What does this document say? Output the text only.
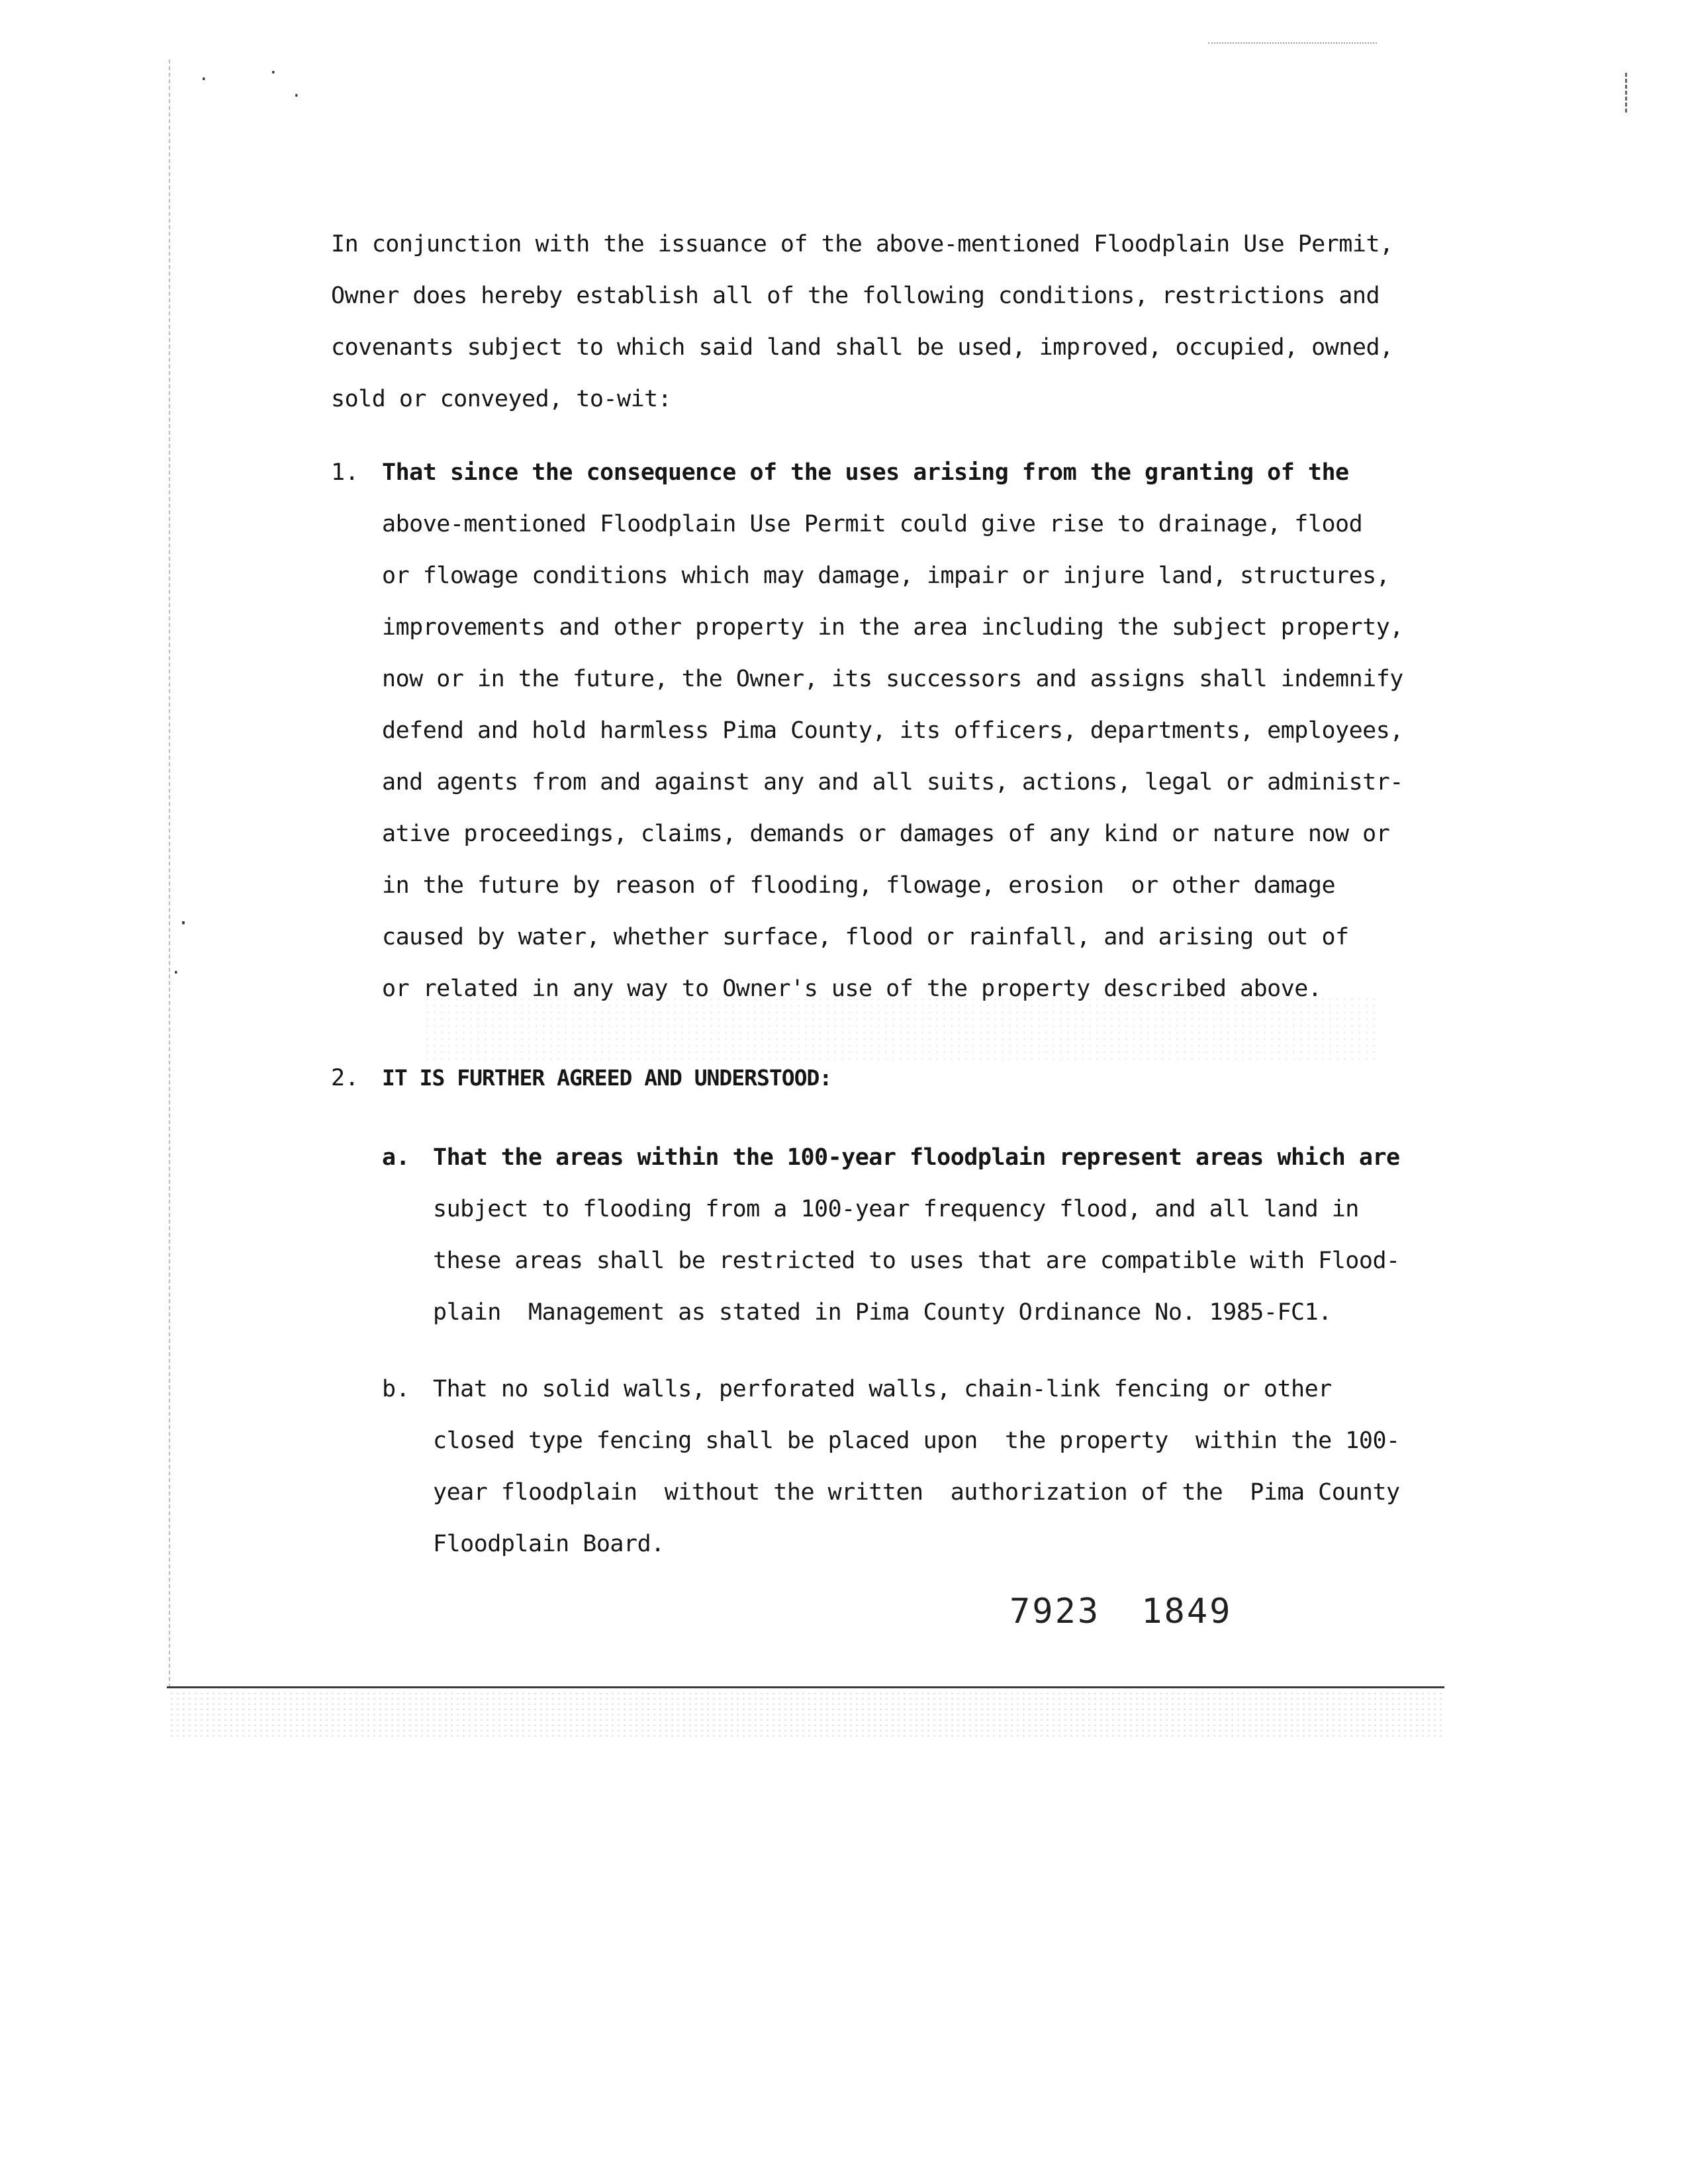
·	·
·
·
·
In conjunction with the issuance of the above-mentioned Floodplain Use Permit,
Owner does hereby establish all of the following conditions, restrictions and
covenants subject to which said land shall be used, improved, occupied, owned,
sold or conveyed, to-wit:
1. That since the consequence of the uses arising from the granting of the
above-mentioned Floodplain Use Permit could give rise to drainage, flood
or flowage conditions which may damage, impair or injure land, structures,
improvements and other property in the area including the subject property,
now or in the future, the Owner, its successors and assigns shall indemnify
defend and hold harmless Pima County, its officers, departments, employees,
and agents from and against any and all suits, actions, legal or administr-
ative proceedings, claims, demands or damages of any kind or nature now or
in the future by reason of flooding, flowage, erosion  or other damage
caused by water, whether surface, flood or rainfall, and arising out of
or related in any way to Owner's use of the property described above.
2. IT IS FURTHER AGREED AND UNDERSTOOD:
a. That the areas within the 100-year floodplain represent areas which are
subject to flooding from a 100-year frequency flood, and all land in
these areas shall be restricted to uses that are compatible with Flood-
plain  Management as stated in Pima County Ordinance No. 1985-FC1.
b. That no solid walls, perforated walls, chain-link fencing or other
closed type fencing shall be placed upon  the property  within the 100-
year floodplain  without the written  authorization of the  Pima County
Floodplain Board.
7923 1849
